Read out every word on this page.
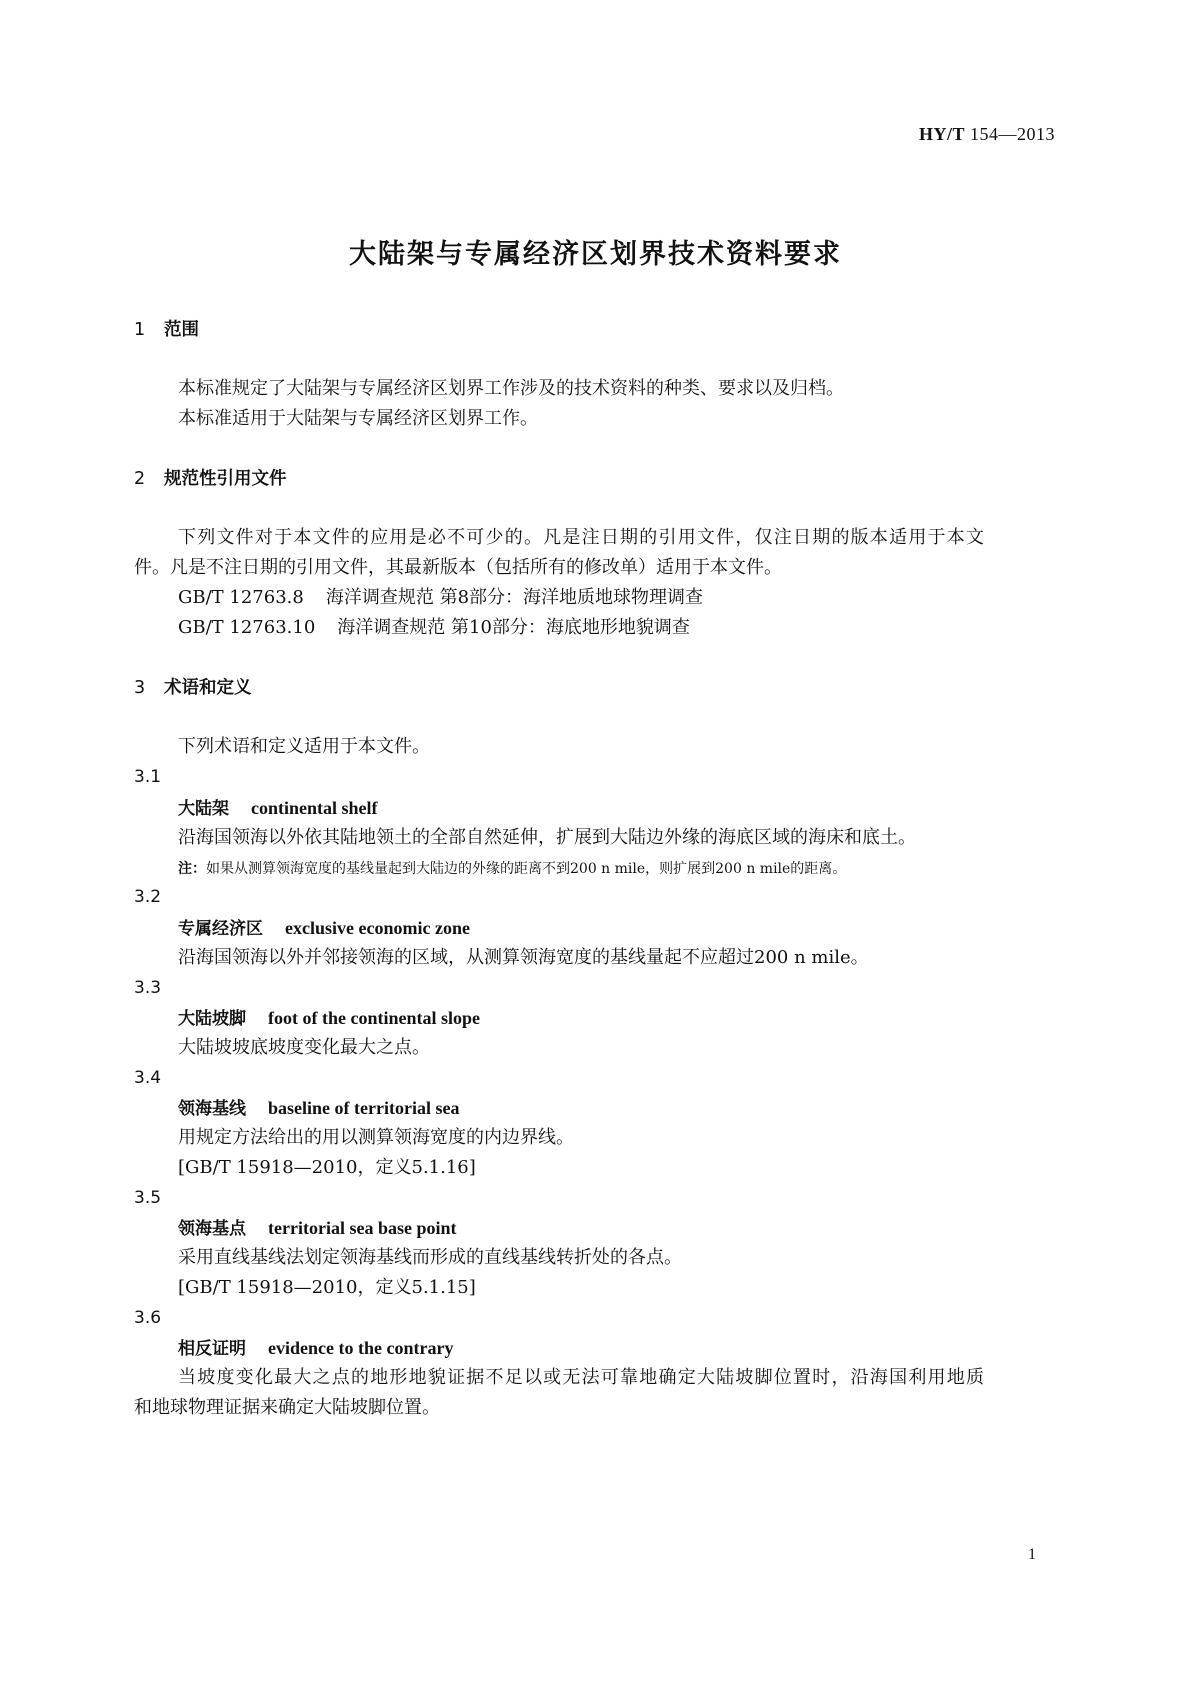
HY/T 154—2013
大陆架与专属经济区划界技术资料要求
1 范围
本标准规定了大陆架与专属经济区划界工作涉及的技术资料的种类、要求以及归档。
本标准适用于大陆架与专属经济区划界工作。
2 规范性引用文件
下列文件对于本文件的应用是必不可少的。凡是注日期的引用文件，仅注日期的版本适用于本文
件。凡是不注日期的引用文件，其最新版本（包括所有的修改单）适用于本文件。
GB/T 12763.8 海洋调查规范 第8部分：海洋地质地球物理调查
GB/T 12763.10 海洋调查规范 第10部分：海底地形地貌调查
3 术语和定义
下列术语和定义适用于本文件。
3.1
大陆架 continental shelf
沿海国领海以外依其陆地领土的全部自然延伸，扩展到大陆边外缘的海底区域的海床和底土。
注：如果从测算领海宽度的基线量起到大陆边的外缘的距离不到200 n mile，则扩展到200 n mile的距离。
3.2
专属经济区 exclusive economic zone
沿海国领海以外并邻接领海的区域，从测算领海宽度的基线量起不应超过200 n mile。
3.3
大陆坡脚 foot of the continental slope
大陆坡坡底坡度变化最大之点。
3.4
领海基线 baseline of territorial sea
用规定方法给出的用以测算领海宽度的内边界线。
[GB/T 15918—2010，定义5.1.16]
3.5
领海基点 territorial sea base point
采用直线基线法划定领海基线而形成的直线基线转折处的各点。
[GB/T 15918—2010，定义5.1.15]
3.6
相反证明 evidence to the contrary
当坡度变化最大之点的地形地貌证据不足以或无法可靠地确定大陆坡脚位置时，沿海国利用地质
和地球物理证据来确定大陆坡脚位置。
1
